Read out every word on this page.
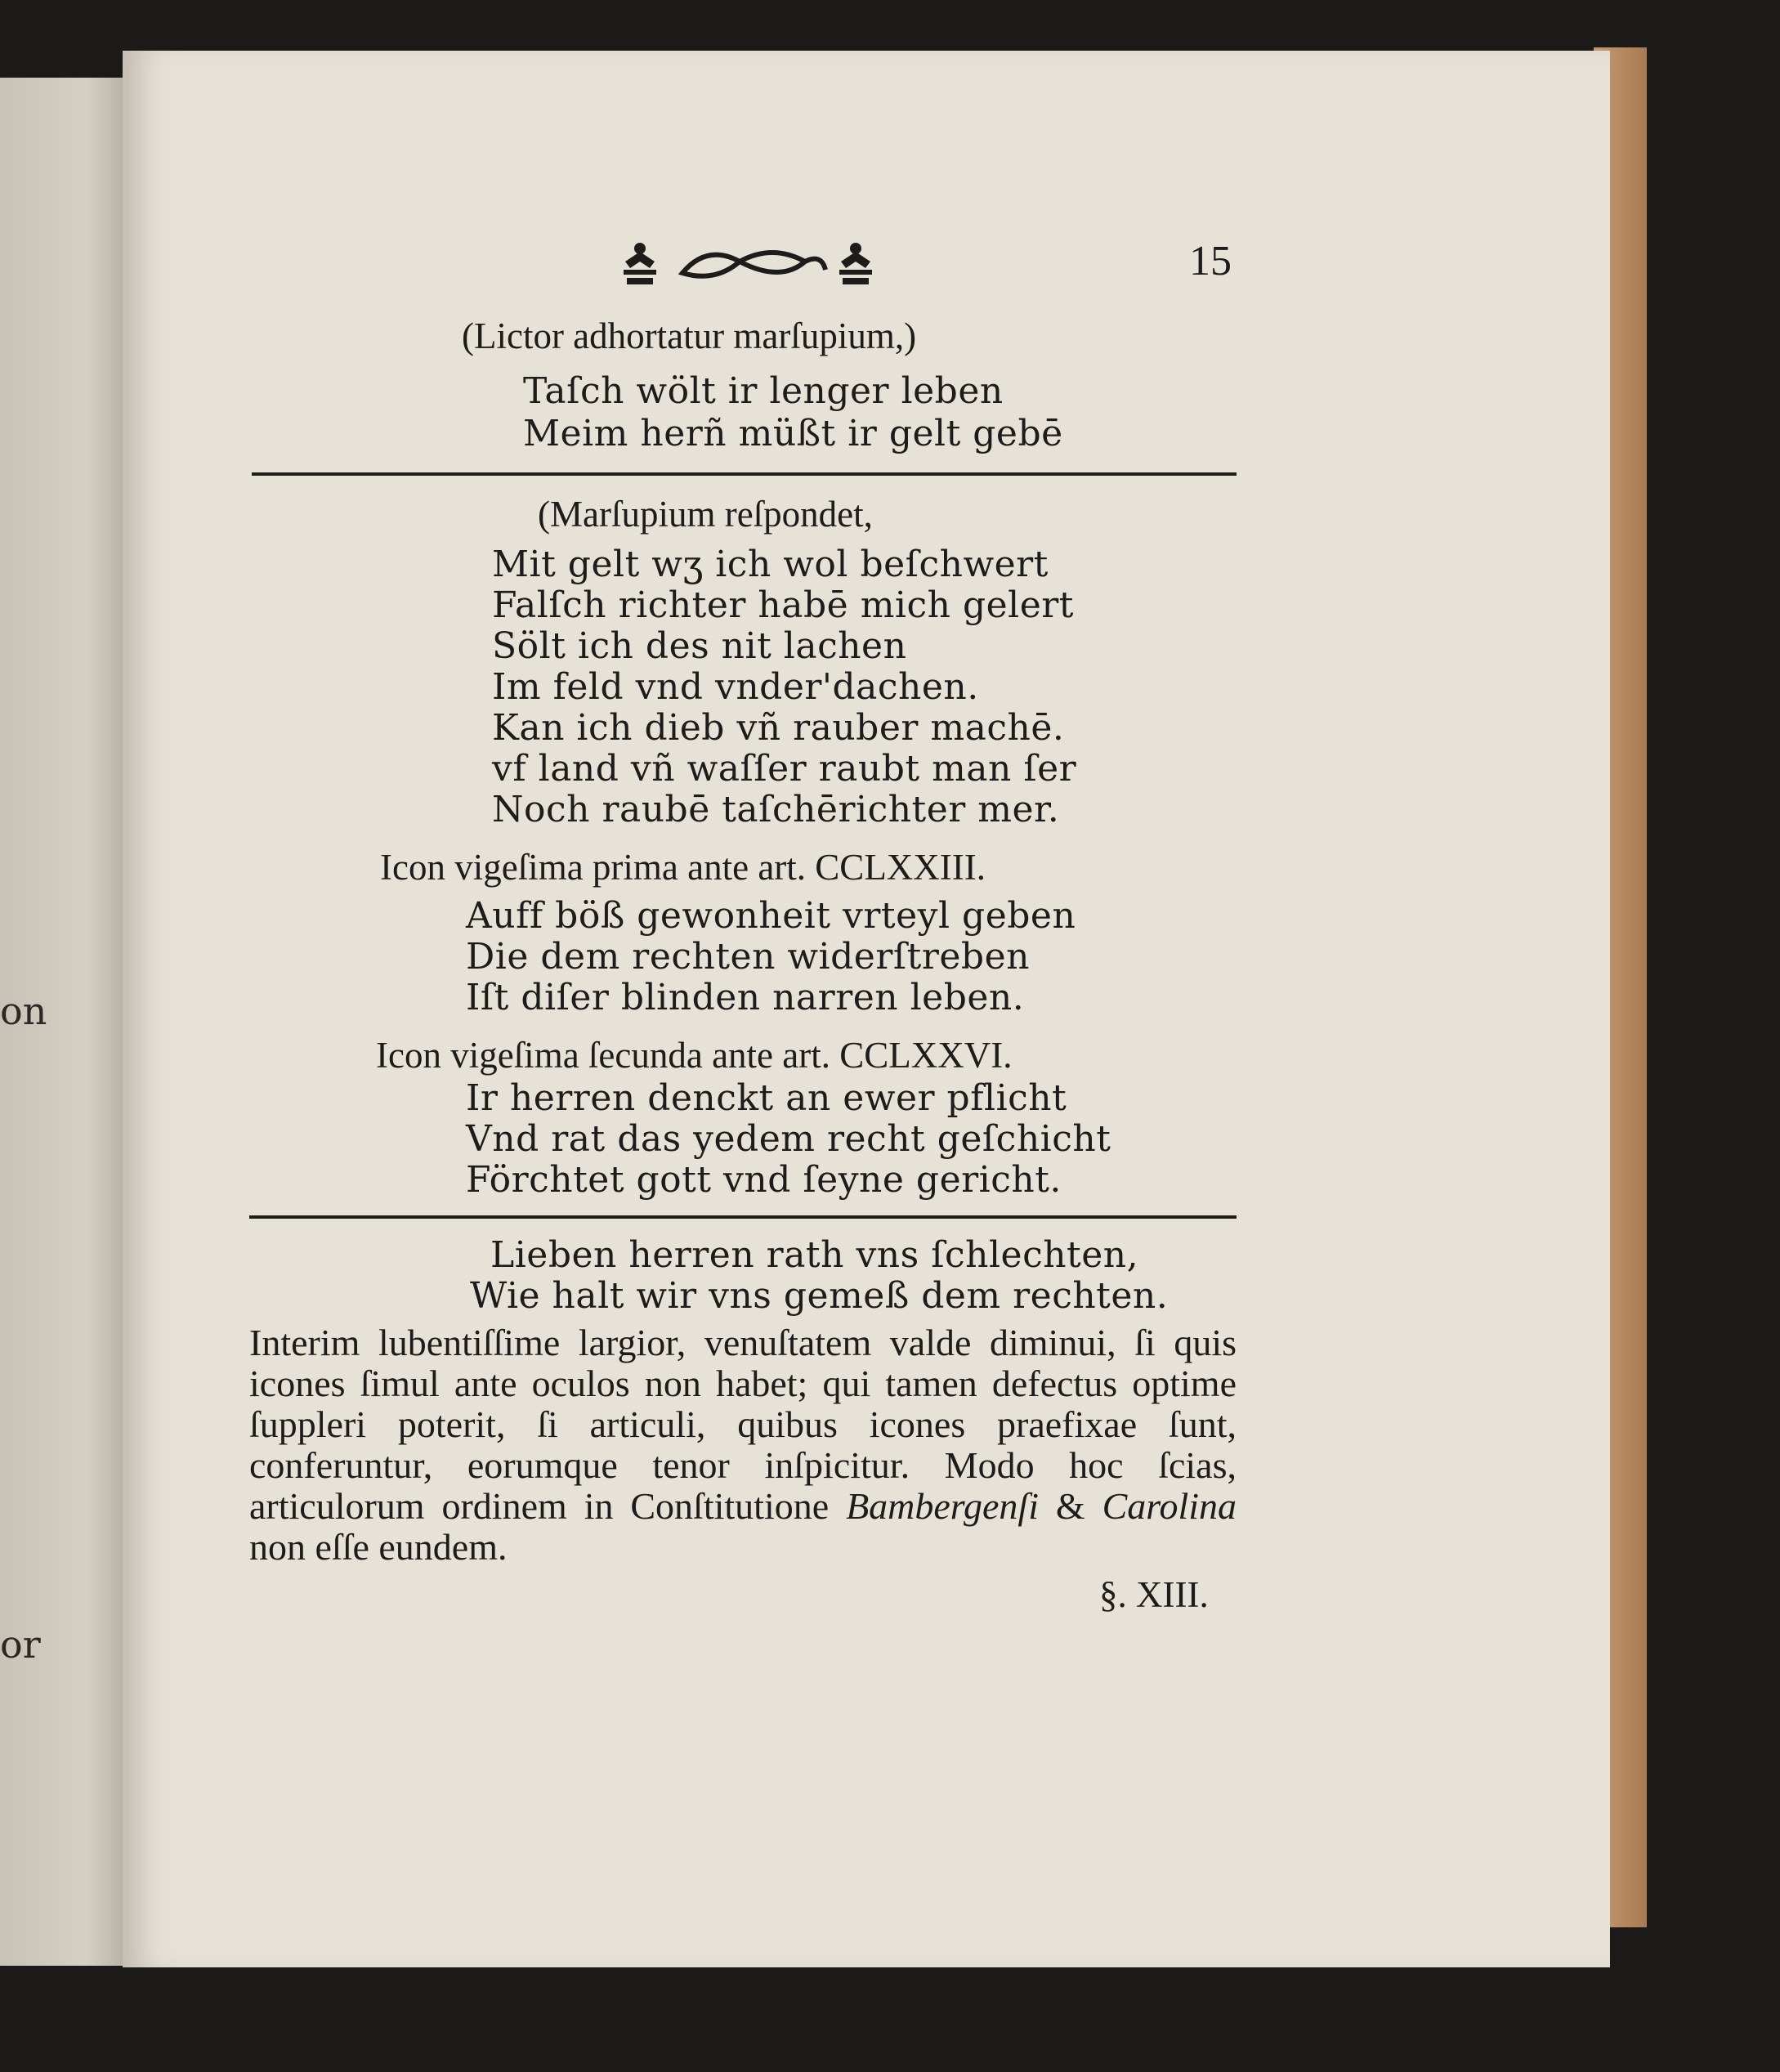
on
or
15
(Lictor adhortatur marſupium,)
Taſch wölt ir lenger leben
Meim herñ müßt ir gelt gebē
(Marſupium reſpondet,
Mit gelt wʒ ich wol beſchwert
Falſch richter habē mich gelert
Sölt ich des nit lachen
Im feld vnd vnder'dachen.
Kan ich dieb vñ rauber machē.
vf land vñ waſſer raubt man ſer
Noch raubē taſchērichter mer.
Icon vigeſima prima ante art. CCLXXIII.
Auff böß gewonheit vrteyl geben
Die dem rechten widerſtreben
Iſt diſer blinden narren leben.
Icon vigeſima ſecunda ante art. CCLXXVI.
Ir herren denckt an ewer pflicht
Vnd rat das yedem recht geſchicht
Förchtet gott vnd ſeyne gericht.
Lieben herren rath vns ſchlechten,
Wie halt wir vns gemeß dem rechten.
Interim lubentiſſime largior, venuſtatem valde diminui, ſi quis icones ſimul ante oculos non habet; qui tamen defectus optime ſuppleri poterit, ſi articuli, quibus icones praefixae ſunt, conferuntur, eorumque tenor inſpicitur. Modo hoc ſcias, articulorum ordinem in Conſtitutione Bambergenſi & Carolina non eſſe eundem.
§. XIII.
